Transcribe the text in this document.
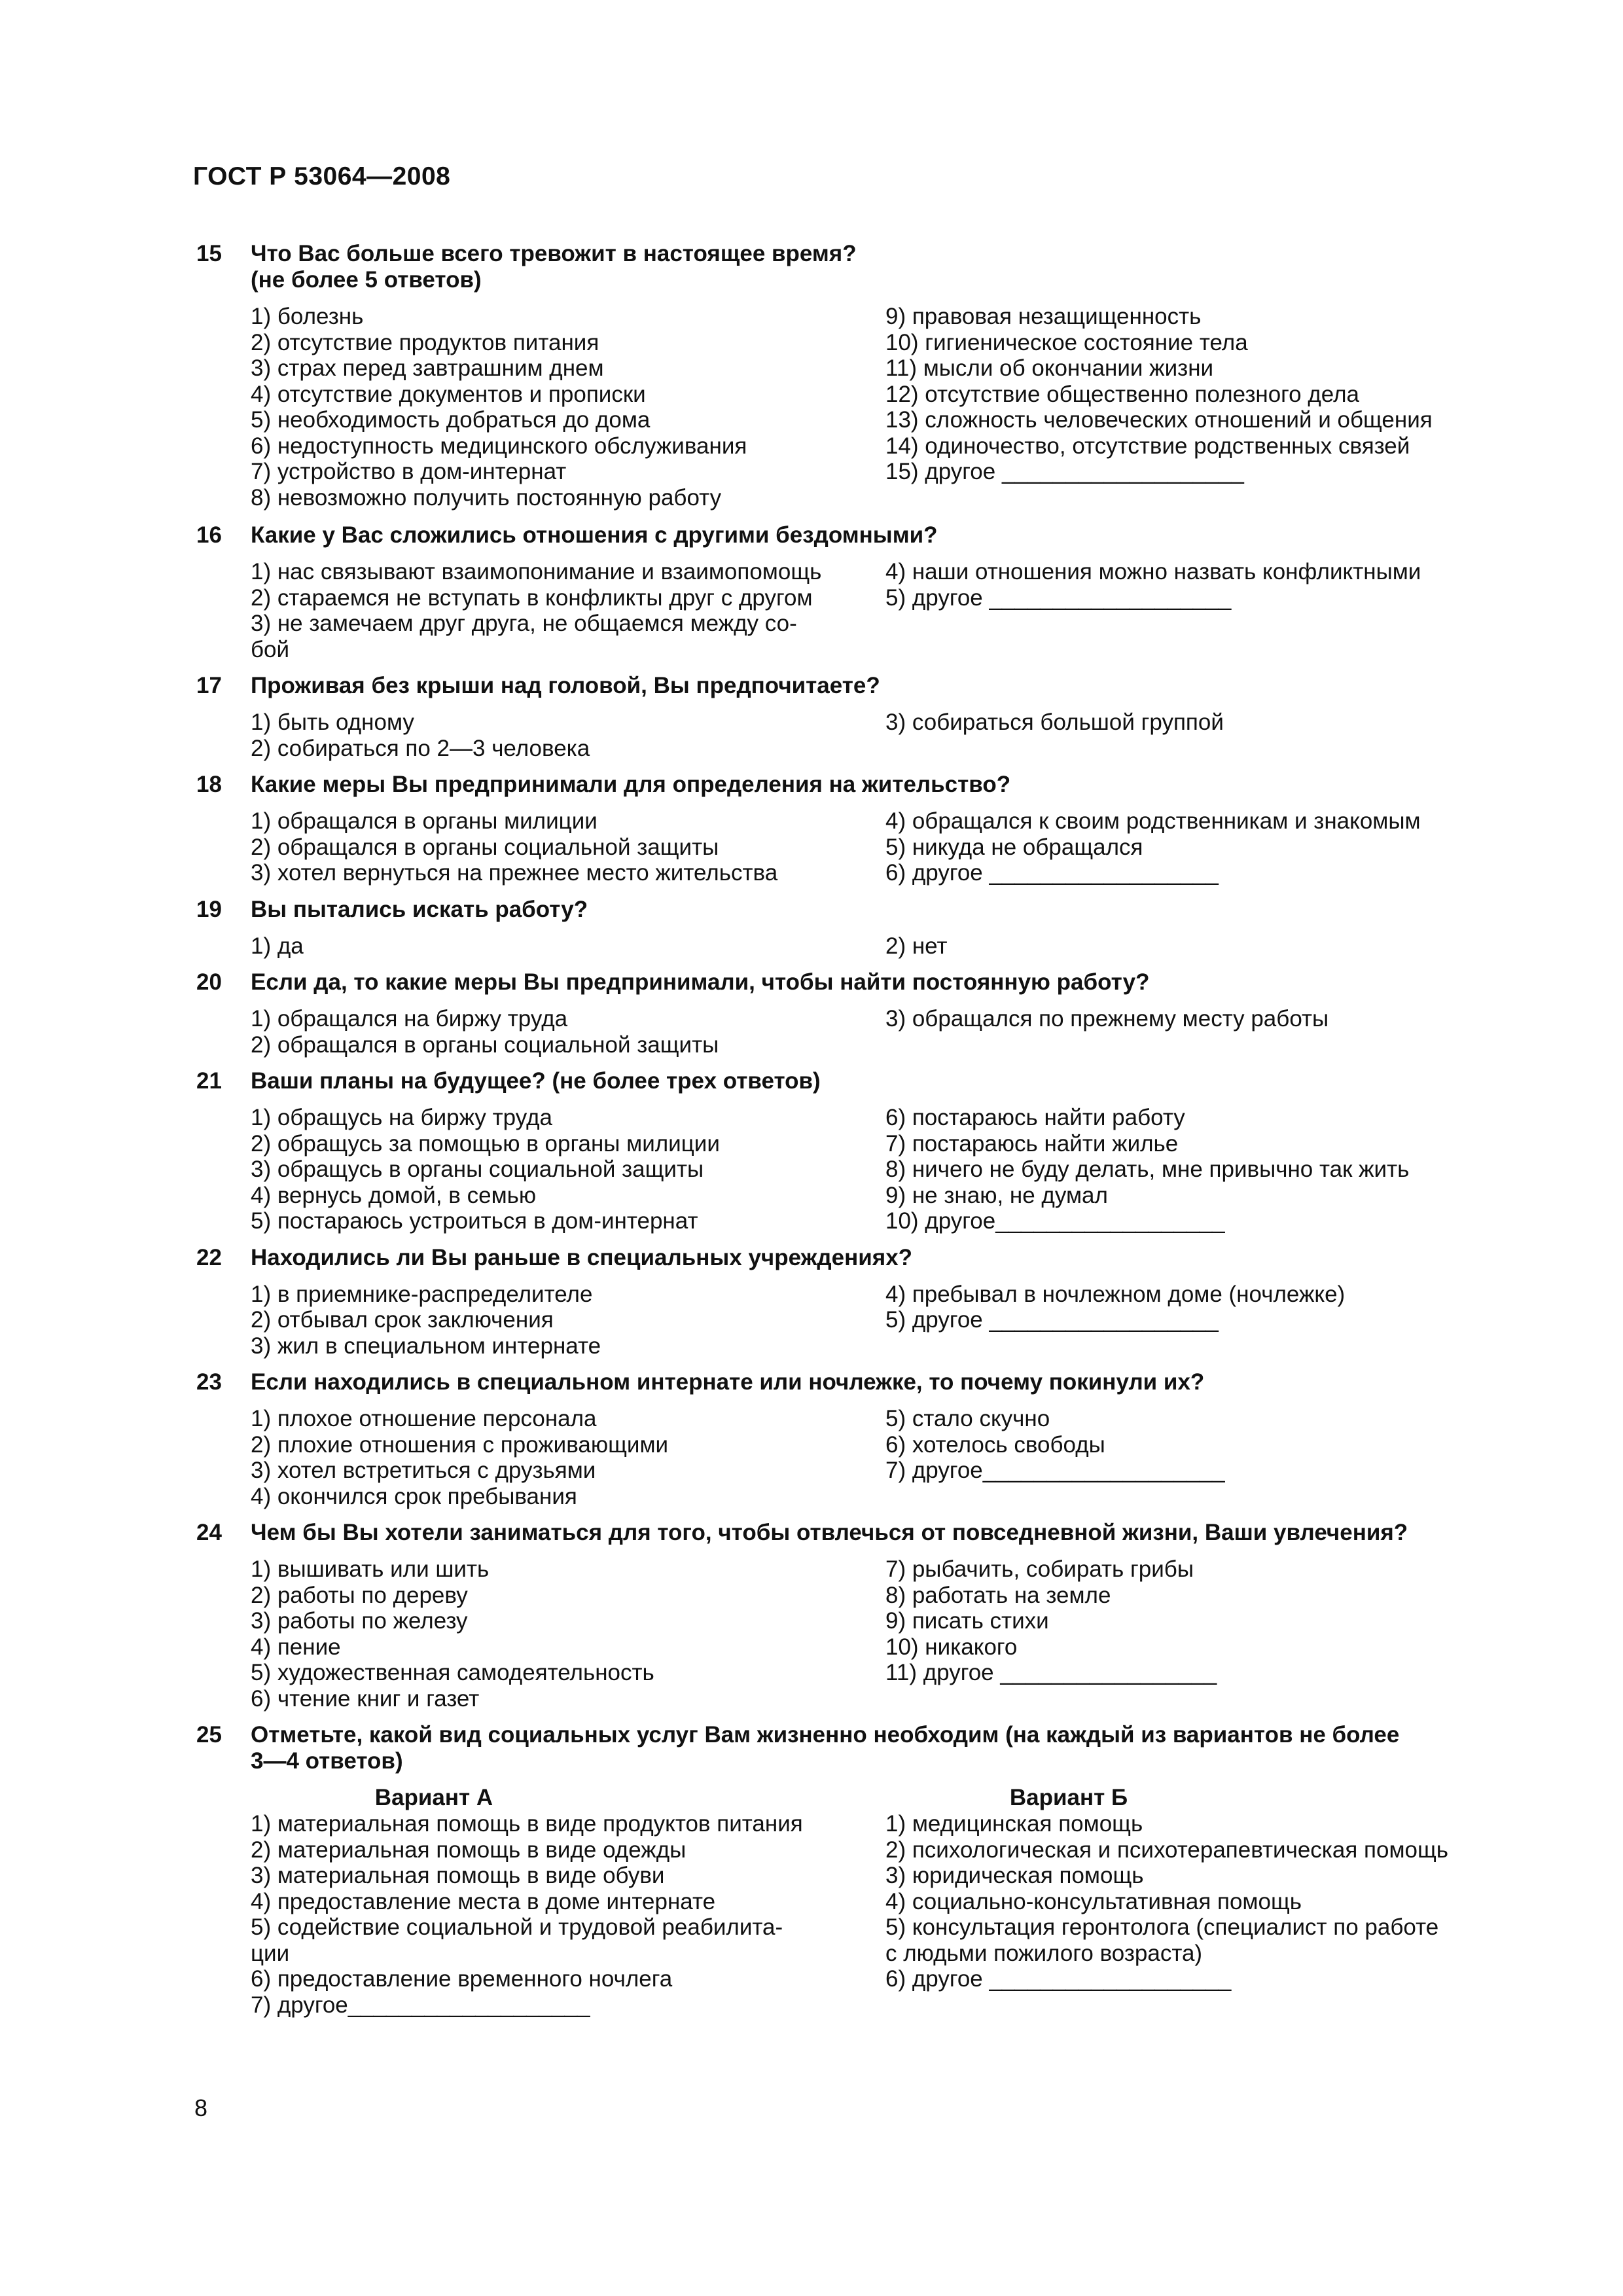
ГОСТ Р 53064—2008
15	Что Вас больше всего тревожит в настоящее время?
(не более 5 ответов)
1) болезнь
2) отсутствие продуктов питания
3) страх перед завтрашним днем
4) отсутствие документов и прописки
5) необходимость добраться до дома
6) недоступность медицинского обслуживания
7) устройство в дом-интернат
8) невозможно получить постоянную работу
9) правовая незащищенность
10) гигиеническое состояние тела
11) мысли об окончании жизни
12) отсутствие общественно полезного дела
13) сложность человеческих отношений и общения
14) одиночество, отсутствие родственных связей
15) другое ___________________
16	Какие у Вас сложились отношения с другими бездомными?
1) нас связывают взаимопонимание и взаимопомощь
2) стараемся не вступать в конфликты друг с другом
3) не замечаем друг друга, не общаемся между со-
бой
4) наши отношения можно назвать конфликтными
5) другое ___________________
17	Проживая без крыши над головой, Вы предпочитаете?
1) быть одному
2) собираться по 2—3 человека
3) собираться большой группой
18	Какие меры Вы предпринимали для определения на жительство?
1) обращался в органы милиции
2) обращался в органы социальной защиты
3) хотел вернуться на прежнее место жительства
4) обращался к своим родственникам и знакомым
5) никуда не обращался
6) другое __________________
19	Вы пытались искать работу?
1) да	2) нет
20	Если да, то какие меры Вы предпринимали, чтобы найти постоянную работу?
1) обращался на биржу труда
2) обращался в органы социальной защиты
3) обращался по прежнему месту работы
21	Ваши планы на будущее? (не более трех ответов)
1) обращусь на биржу труда
2) обращусь за помощью в органы милиции
3) обращусь в органы социальной защиты
4) вернусь домой, в семью
5) постараюсь устроиться в дом-интернат
6) постараюсь найти работу
7) постараюсь найти жилье
8) ничего не буду делать, мне привычно так жить
9) не знаю, не думал
10) другое__________________
22	Находились ли Вы раньше в специальных учреждениях?
1) в приемнике-распределителе
2) отбывал срок заключения
3) жил в специальном интернате
4) пребывал в ночлежном доме (ночлежке)
5) другое __________________
23	Если находились в специальном интернате или ночлежке, то почему покинули их?
1) плохое отношение персонала
2) плохие отношения с проживающими
3) хотел встретиться с друзьями
4) окончился срок пребывания
5) стало скучно
6) хотелось свободы
7) другое___________________
24	Чем бы Вы хотели заниматься для того, чтобы отвлечься от повседневной жизни, Ваши увлечения?
1) вышивать или шить
2) работы по дереву
3) работы по железу
4) пение
5) художественная самодеятельность
6) чтение книг и газет
7) рыбачить, собирать грибы
8) работать на земле
9) писать стихи
10) никакого
11) другое _________________
25	Отметьте, какой вид социальных услуг Вам жизненно необходим (на каждый из вариантов не более
3—4 ответов)
Вариант А
1) материальная помощь в виде продуктов питания
2) материальная помощь в виде одежды
3) материальная помощь в виде обуви
4) предоставление места в доме интернате
5) содействие социальной и трудовой реабилита-
ции
6) предоставление временного ночлега
7) другое___________________
Вариант Б
1) медицинская помощь
2) психологическая и психотерапевтическая помощь
3) юридическая помощь
4) социально-консультативная помощь
5) консультация геронтолога (специалист по работе
с людьми пожилого возраста)
6) другое ___________________
8
